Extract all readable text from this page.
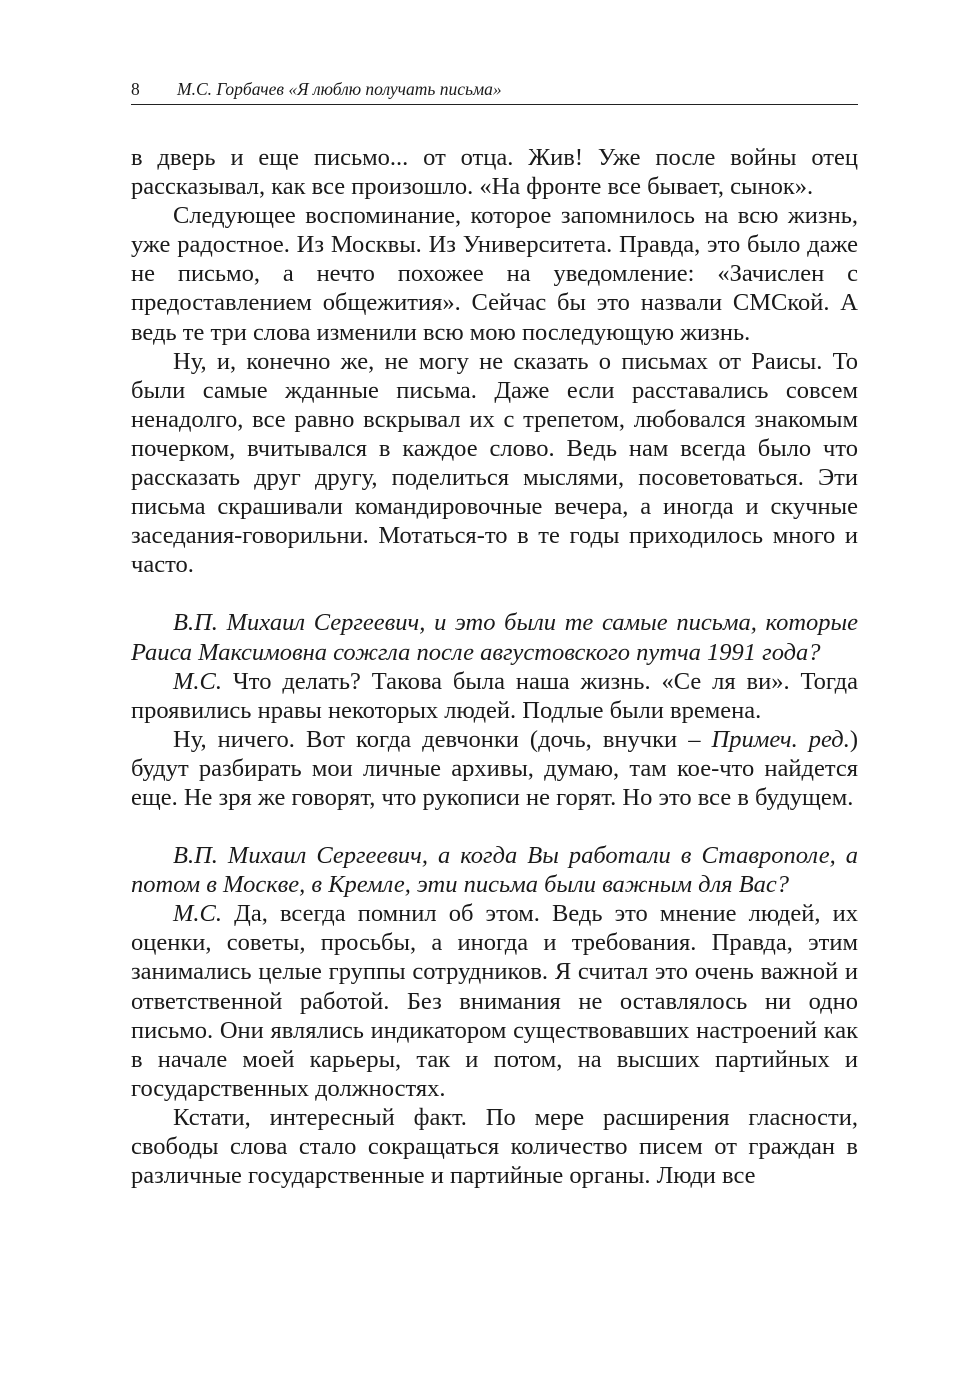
8 М.С. Горбачев «Я люблю получать письма»

в дверь и еще письмо... от отца. Жив! Уже после войны отец рассказывал, как все произошло. «На фронте все бывает, сынок».

Следующее воспоминание, которое запомнилось на всю жизнь, уже радостное. Из Москвы. Из Университета. Правда, это было даже не письмо, а нечто похожее на уведомление: «Зачислен с предоставлением общежития». Сейчас бы это назвали СМСкой. А ведь те три слова изменили всю мою последующую жизнь.

Ну, и, конечно же, не могу не сказать о письмах от Раисы. То были самые жданные письма. Даже если расставались совсем ненадолго, все равно вскрывал их с трепетом, любовался знакомым почерком, вчитывался в каждое слово. Ведь нам всегда было что рассказать друг другу, поделиться мыслями, посоветоваться. Эти письма скрашивали командировочные вечера, а иногда и скучные заседания-говорильни. Мотаться-то в те годы приходилось много и часто.

В.П. Михаил Сергеевич, и это были те самые письма, которые Раиса Максимовна сожгла после августовского путча 1991 года?

М.С. Что делать? Такова была наша жизнь. «Се ля ви». Тогда проявились нравы некоторых людей. Подлые были времена.

Ну, ничего. Вот когда девчонки (дочь, внучки – Примеч. ред.) будут разбирать мои личные архивы, думаю, там кое-что найдется еще. Не зря же говорят, что рукописи не горят. Но это все в будущем.

В.П. Михаил Сергеевич, а когда Вы работали в Ставрополе, а потом в Москве, в Кремле, эти письма были важным для Вас?

М.С. Да, всегда помнил об этом. Ведь это мнение людей, их оценки, советы, просьбы, а иногда и требования. Правда, этим занимались целые группы сотрудников. Я считал это очень важной и ответственной работой. Без внимания не оставлялось ни одно письмо. Они являлись индикатором существовавших настроений как в начале моей карьеры, так и потом, на высших партийных и государственных должностях.

Кстати, интересный факт. По мере расширения гласности, свободы слова стало сокращаться количество писем от граждан в различные государственные и партийные органы. Люди все
